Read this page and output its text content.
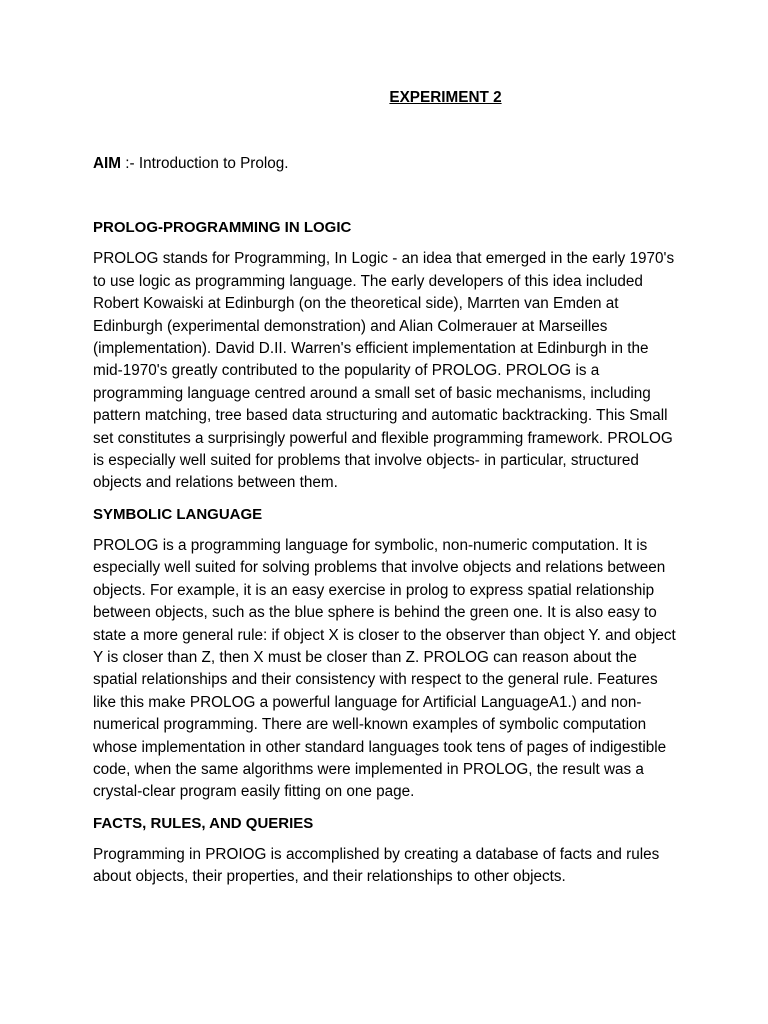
EXPERIMENT 2

AIM :- Introduction to Prolog.

PROLOG-PROGRAMMING IN LOGIC

PROLOG stands for Programming, In Logic - an idea that emerged in the early 1970's to use logic as programming language. The early developers of this idea included Robert Kowaiski at Edinburgh (on the theoretical side), Marrten van Emden at Edinburgh (experimental demonstration) and Alian Colmerauer at Marseilles (implementation). David D.II. Warren's efficient implementation at Edinburgh in the mid-1970's greatly contributed to the popularity of PROLOG. PROLOG is a programming language centred around a small set of basic mechanisms, including pattern matching, tree based data structuring and automatic backtracking. This Small set constitutes a surprisingly powerful and flexible programming framework. PROLOG is especially well suited for problems that involve objects- in particular, structured objects and relations between them.

SYMBOLIC LANGUAGE

PROLOG is a programming language for symbolic, non-numeric computation. It is especially well suited for solving problems that involve objects and relations between objects. For example, it is an easy exercise in prolog to express spatial relationship between objects, such as the blue sphere is behind the green one. It is also easy to state a more general rule: if object X is closer to the observer than object Y. and object Y is closer than Z, then X must be closer than Z. PROLOG can reason about the spatial relationships and their consistency with respect to the general rule. Features like this make PROLOG a powerful language for Artificial LanguageA1.) and non- numerical programming. There are well-known examples of symbolic computation whose implementation in other standard languages took tens of pages of indigestible code, when the same algorithms were implemented in PROLOG, the result was a crystal-clear program easily fitting on one page.

FACTS, RULES, AND QUERIES

Programming in PROIOG is accomplished by creating a database of facts and rules about objects, their properties, and their relationships to other objects.
